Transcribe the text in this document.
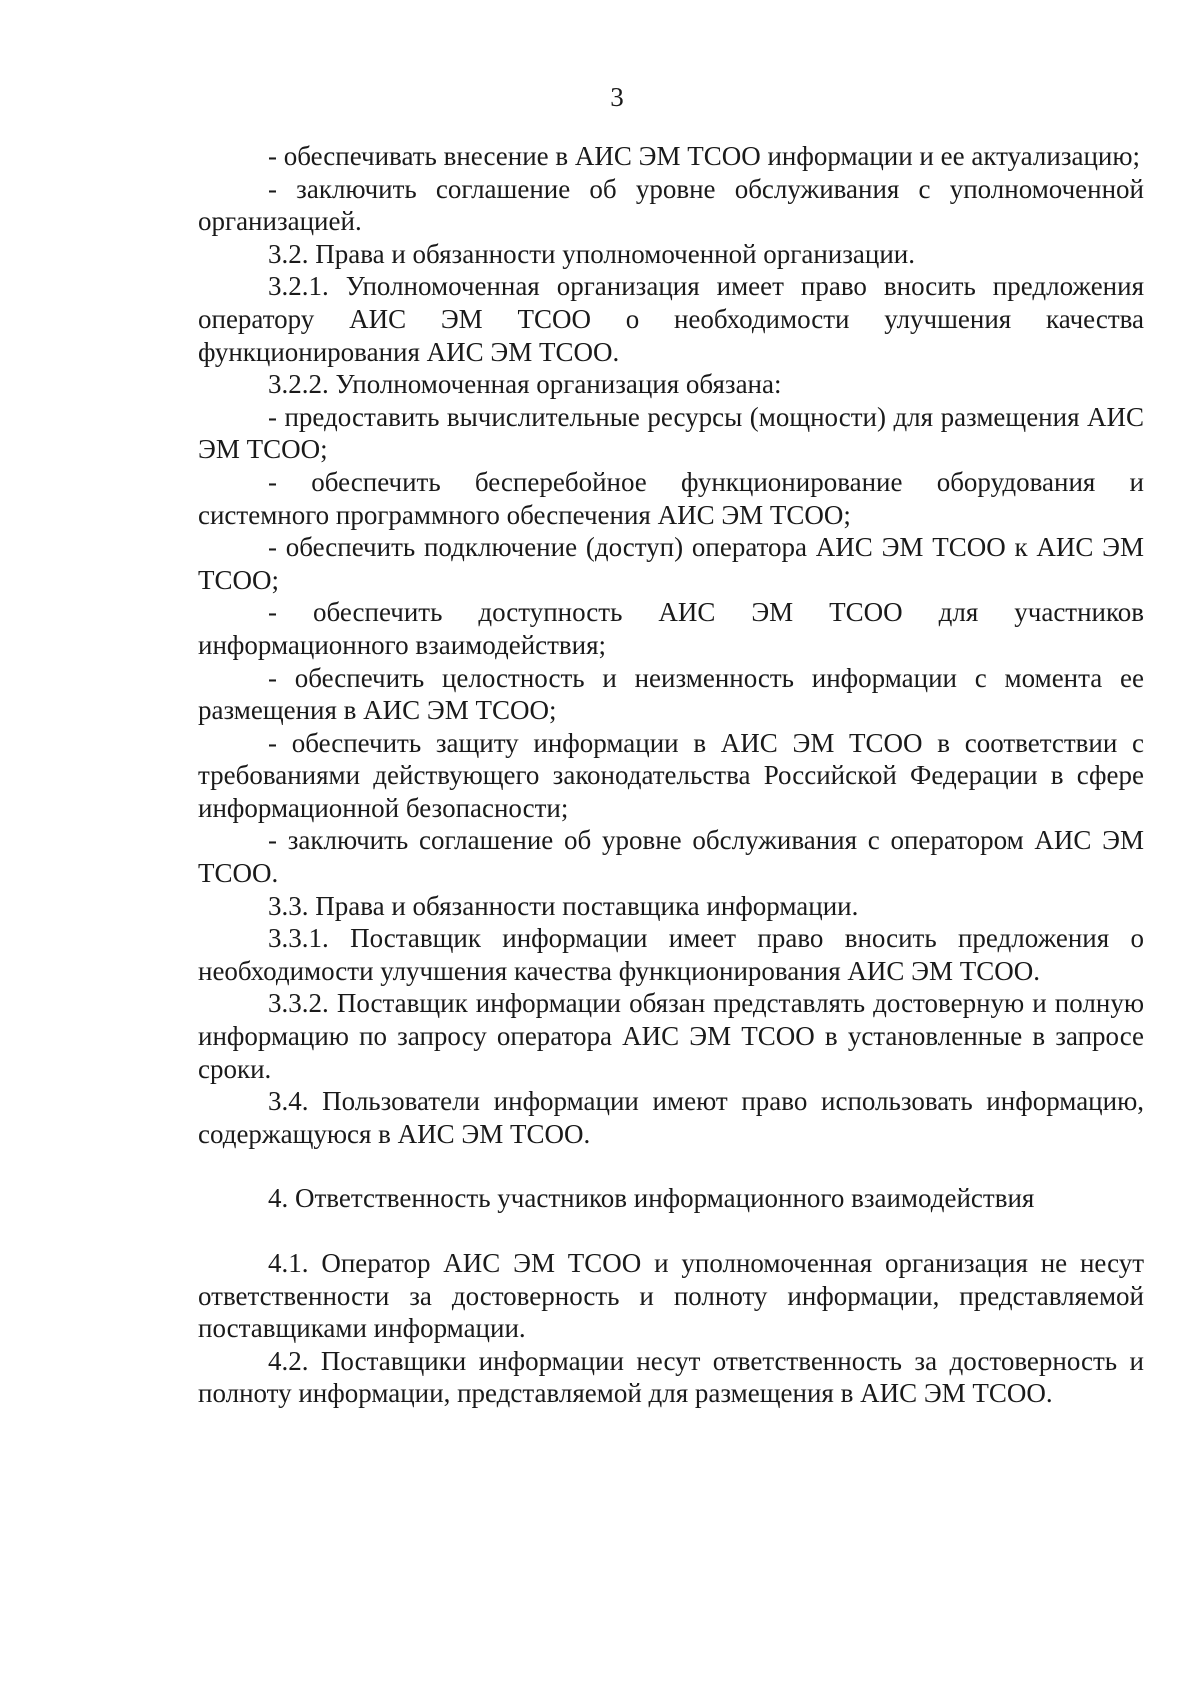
3

- обеспечивать внесение в АИС ЭМ ТСОО информации и ее актуализацию;

- заключить соглашение об уровне обслуживания с уполномоченной организацией.

3.2. Права и обязанности уполномоченной организации.

3.2.1. Уполномоченная организация имеет право вносить предложения оператору АИС ЭМ ТСОО о необходимости улучшения качества функционирования АИС ЭМ ТСОО.

3.2.2. Уполномоченная организация обязана:

- предоставить вычислительные ресурсы (мощности) для размещения АИС ЭМ ТСОО;

- обеспечить бесперебойное функционирование оборудования и системного программного обеспечения АИС ЭМ ТСОО;

- обеспечить подключение (доступ) оператора АИС ЭМ ТСОО к АИС ЭМ ТСОО;

- обеспечить доступность АИС ЭМ ТСОО для участников информационного взаимодействия;

- обеспечить целостность и неизменность информации с момента ее размещения в АИС ЭМ ТСОО;

- обеспечить защиту информации в АИС ЭМ ТСОО в соответствии с требованиями действующего законодательства Российской Федерации в сфере информационной безопасности;

- заключить соглашение об уровне обслуживания с оператором АИС ЭМ ТСОО.

3.3. Права и обязанности поставщика информации.

3.3.1. Поставщик информации имеет право вносить предложения о необходимости улучшения качества функционирования АИС ЭМ ТСОО.

3.3.2. Поставщик информации обязан представлять достоверную и полную информацию по запросу оператора АИС ЭМ ТСОО в установленные в запросе сроки.

3.4. Пользователи информации имеют право использовать информацию, содержащуюся в АИС ЭМ ТСОО.

4. Ответственность участников информационного взаимодействия

4.1. Оператор АИС ЭМ ТСОО и уполномоченная организация не несут ответственности за достоверность и полноту информации, представляемой поставщиками информации.

4.2. Поставщики информации несут ответственность за достоверность и полноту информации, представляемой для размещения в АИС ЭМ ТСОО.
